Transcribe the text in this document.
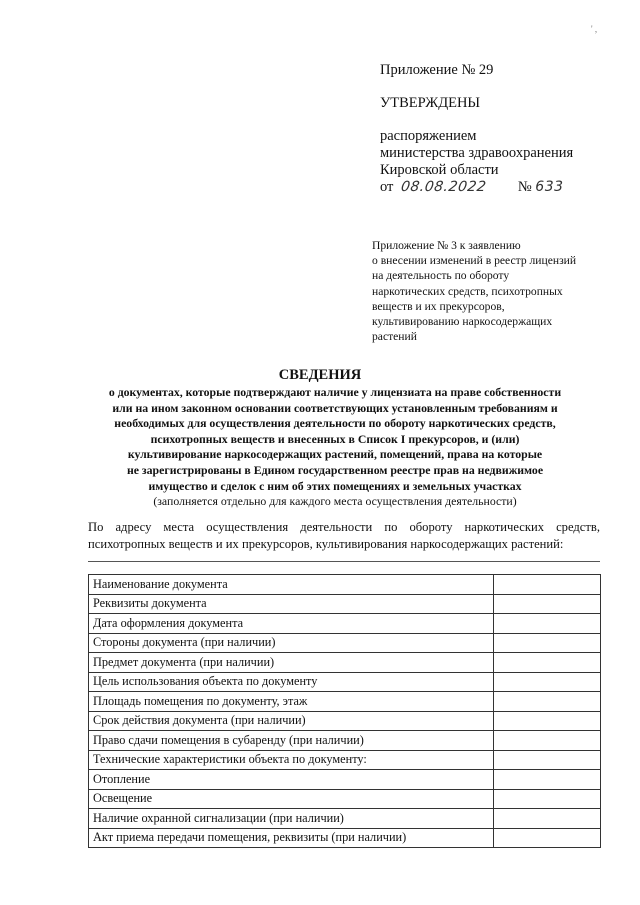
' ,
Приложение № 29
УТВЕРЖДЕНЫ
распоряжением
министерства здравоохранения
Кировской области
от 08.08.2022 № 633
Приложение № 3 к заявлению
о внесении изменений в реестр лицензий
на деятельность по обороту
наркотических средств, психотропных
веществ и их прекурсоров,
культивированию наркосодержащих
растений
СВЕДЕНИЯ
о документах, которые подтверждают наличие у лицензиата на праве собственности
или на ином законном основании соответствующих установленным требованиям и
необходимых для осуществления деятельности по обороту наркотических средств,
психотропных веществ и внесенных в Список I прекурсоров, и (или)
культивирование наркосодержащих растений, помещений, права на которые
не зарегистрированы в Едином государственном реестре прав на недвижимое
имущество и сделок с ним об этих помещениях и земельных участках
(заполняется отдельно для каждого места осуществления деятельности)
По адресу места осуществления деятельности по обороту наркотических средств,
психотропных веществ и их прекурсоров, культивирования наркосодержащих растений:
Наименование документа	
Реквизиты документа	
Дата оформления документа	
Стороны документа (при наличии)	
Предмет документа (при наличии)	
Цель использования объекта по документу	
Площадь помещения по документу, этаж	
Срок действия документа (при наличии)	
Право сдачи помещения в субаренду (при наличии)	
Технические характеристики объекта по документу:	
Отопление	
Освещение	
Наличие охранной сигнализации (при наличии)	
Акт приема передачи помещения, реквизиты (при наличии)	
